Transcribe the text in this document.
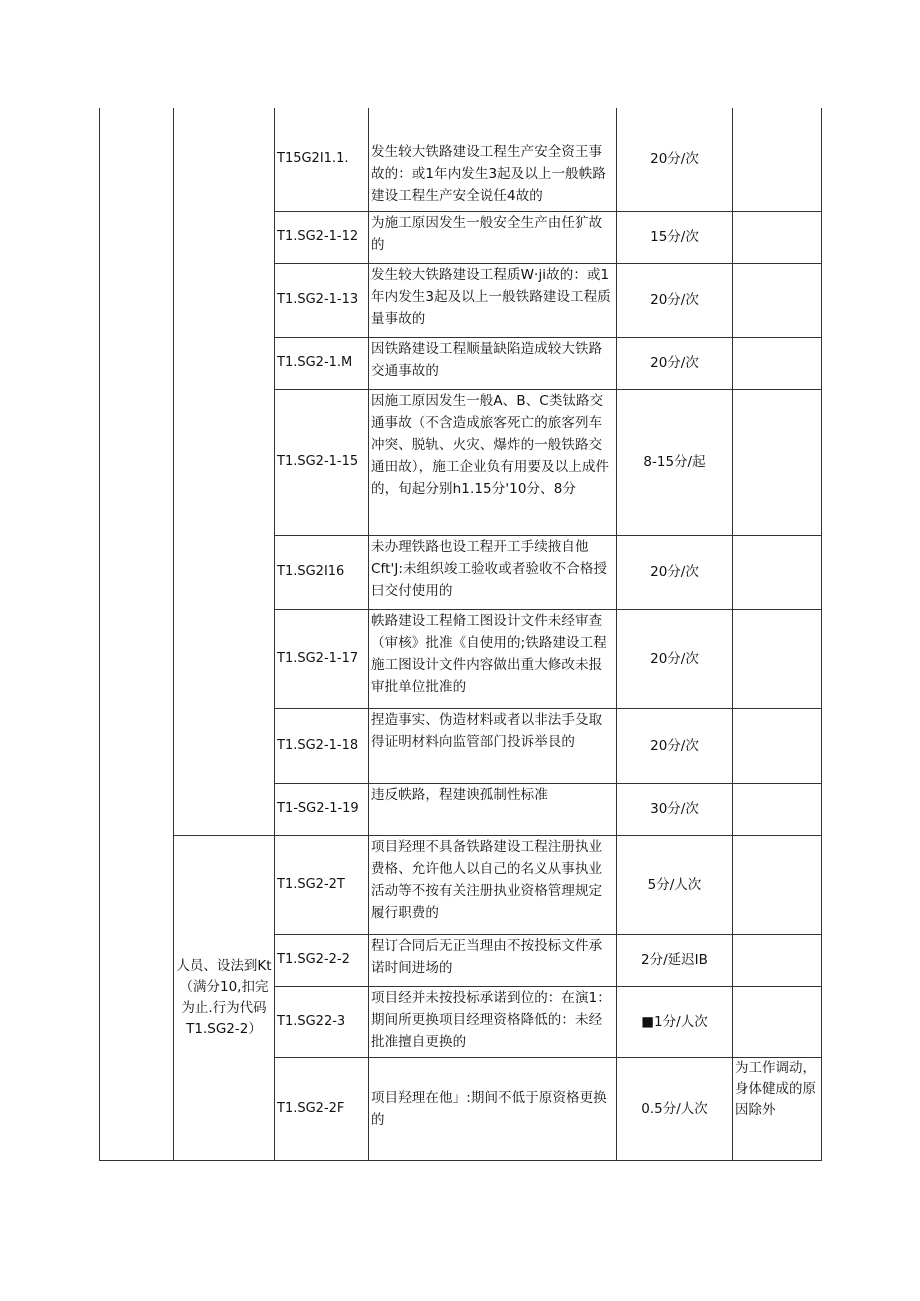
		T15G2I1.1.	发生较大铁路建设工程生产安全资王事故的：或1年内发生3起及以上一般帙路建设工程生产安全说任4故的	20分/次	
		T1.SG2-1-12	为施工原因发生一般安全生产由任犷故的	15分/次	
		T1.SG2-1-13	发生较大铁路建设工程质W·ji故的：或1年内发生3起及以上一般铁路建设工程质量事故的	20分/次	
		T1.SG2-1.M	因铁路建设工程顺量缺陷造成较大铁路交通事故的	20分/次	
		T1.SG2-1-15	因施工原因发生一般A、B、C类钛路交通事故（不含造成旅客死亡的旅客列车冲突、脱轨、火灾、爆炸的一般铁路交通田故），施工企业负有用要及以上成件的，旬起分别h1.15分'10分、8分	8-15分/起	
		T1.SG2I16	未办理铁路也设工程开工手续掖自他Cft'J:未组织竣工验收或者验收不合格授曰交付使用的	20分/次	
		T1.SG2-1-17	帙路建设工程脩工图设计文件未经审查（审核》批准《自使用的;铁路建设工程施工图设计文件内容做出重大修改未报审批单位批准的	20分/次	
		T1.SG2-1-18	捏造事实、伪造材料或者以非法手殳取得证明材料向监管部门投诉举艮的	20分/次	
		T1-SG2-1-19	违反帙路，程建谀孤制性标准	30分/次	
	人员、设法到Kt（满分10,扣完为止.行为代码T1.SG2-2）	T1.SG2-2T	项目羟理不具备铁路建设工程注册执业费格、允许他人以自己的名义从事执业活动等不按有关注册执业资格管理规定履行职费的	5分/人次	
		T1.SG2-2-2	程订合同后无正当理由不按投标文件承诺时间进场的	2分/延迟IB	
		T1.SG22-3	项目经并未按投标承诺到位的：在演1：期间所更换项目经理资格降低的：未经批准擅自更换的	■1分/人次	
		T1.SG2-2F	项目羟理在他」:期间不低于原资格更换的	0.5分/人次	为工作调动，身体健成的原因除外
